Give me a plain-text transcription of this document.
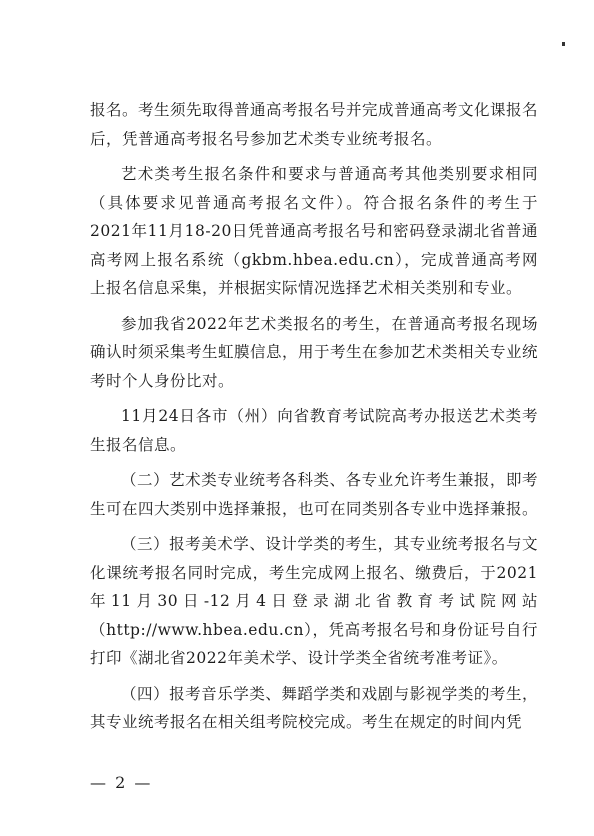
报名。考生须先取得普通高考报名号并完成普通高考文化课报名后，凭普通高考报名号参加艺术类专业统考报名。

艺术类考生报名条件和要求与普通高考其他类别要求相同（具体要求见普通高考报名文件）。符合报名条件的考生于2021年11月18-20日凭普通高考报名号和密码登录湖北省普通高考网上报名系统（gkbm.hbea.edu.cn），完成普通高考网上报名信息采集，并根据实际情况选择艺术相关类别和专业。

参加我省2022年艺术类报名的考生，在普通高考报名现场确认时须采集考生虹膜信息，用于考生在参加艺术类相关专业统考时个人身份比对。

11月24日各市（州）向省教育考试院高考办报送艺术类考生报名信息。

（二）艺术类专业统考各科类、各专业允许考生兼报，即考生可在四大类别中选择兼报，也可在同类别各专业中选择兼报。

（三）报考美术学、设计学类的考生，其专业统考报名与文化课统考报名同时完成，考生完成网上报名、缴费后，于2021年11月30日-12月4日登录湖北省教育考试院网站（http://www.hbea.edu.cn），凭高考报名号和身份证号自行打印《湖北省2022年美术学、设计学类全省统考准考证》。

（四）报考音乐学类、舞蹈学类和戏剧与影视学类的考生，其专业统考报名在相关组考院校完成。考生在规定的时间内凭

— 2 —
